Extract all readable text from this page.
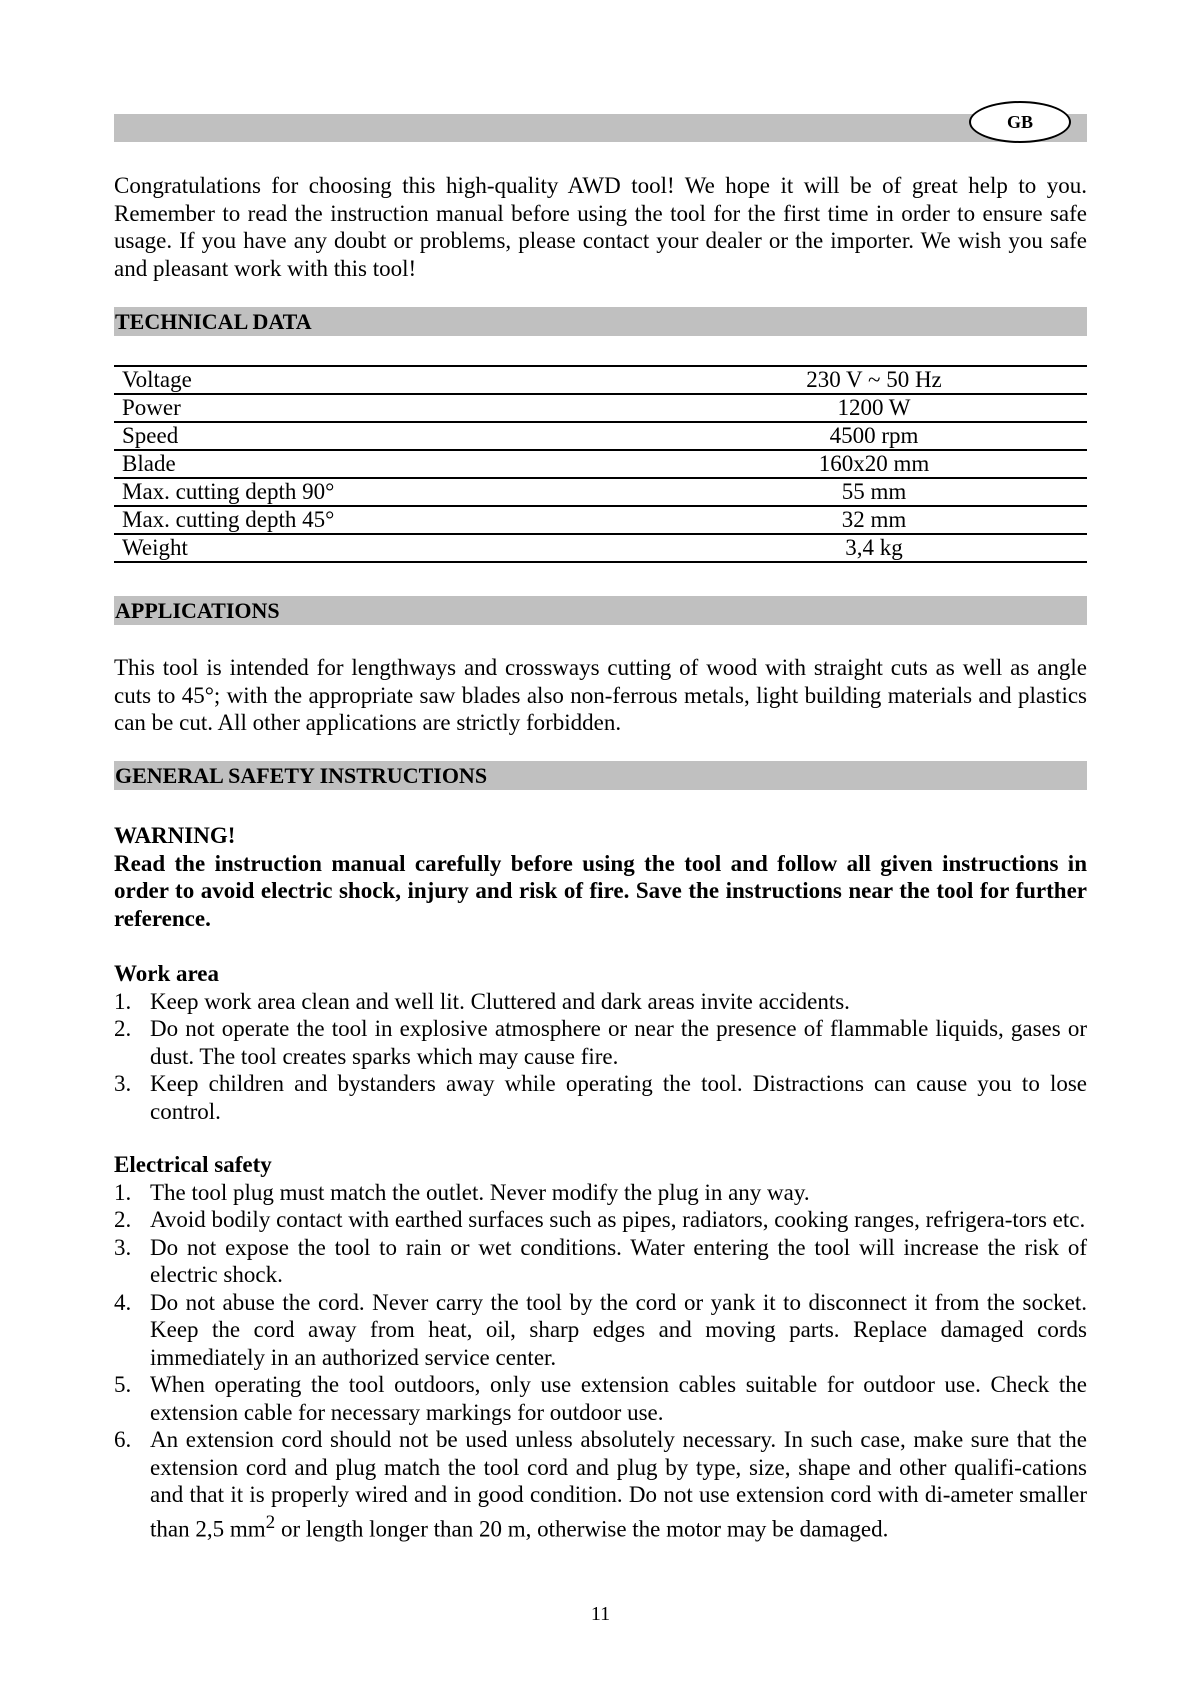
GB

Congratulations for choosing this high-quality AWD tool! We hope it will be of great help to you. Remember to read the instruction manual before using the tool for the first time in order to ensure safe usage. If you have any doubt or problems, please contact your dealer or the importer. We wish you safe and pleasant work with this tool!

TECHNICAL DATA
Voltage	230 V ~ 50 Hz
Power	1200 W
Speed	4500 rpm
Blade	160x20 mm
Max. cutting depth 90°	55 mm
Max. cutting depth 45°	32 mm
Weight	3,4 kg
APPLICATIONS

This tool is intended for lengthways and crossways cutting of wood with straight cuts as well as angle cuts to 45°; with the appropriate saw blades also non-ferrous metals, light building materials and plastics can be cut. All other applications are strictly forbidden.

GENERAL SAFETY INSTRUCTIONS
WARNING!

Read the instruction manual carefully before using the tool and follow all given instructions in order to avoid electric shock, injury and risk of fire. Save the instructions near the tool for further reference.

Work area
1. Keep work area clean and well lit. Cluttered and dark areas invite accidents.
2. Do not operate the tool in explosive atmosphere or near the presence of flammable liquids, gases or dust. The tool creates sparks which may cause fire.
3. Keep children and bystanders away while operating the tool. Distractions can cause you to lose control.
Electrical safety
1. The tool plug must match the outlet. Never modify the plug in any way.
2. Avoid bodily contact with earthed surfaces such as pipes, radiators, cooking ranges, refrigera-tors etc.
3. Do not expose the tool to rain or wet conditions. Water entering the tool will increase the risk of electric shock.
4. Do not abuse the cord. Never carry the tool by the cord or yank it to disconnect it from the socket. Keep the cord away from heat, oil, sharp edges and moving parts. Replace damaged cords immediately in an authorized service center.
5. When operating the tool outdoors, only use extension cables suitable for outdoor use. Check the extension cable for necessary markings for outdoor use.
6. An extension cord should not be used unless absolutely necessary. In such case, make sure that the extension cord and plug match the tool cord and plug by type, size, shape and other qualifi-cations and that it is properly wired and in good condition. Do not use extension cord with di-ameter smaller than 2,5 $mm^2$ or length longer than 20 m, otherwise the motor may be damaged.
11
